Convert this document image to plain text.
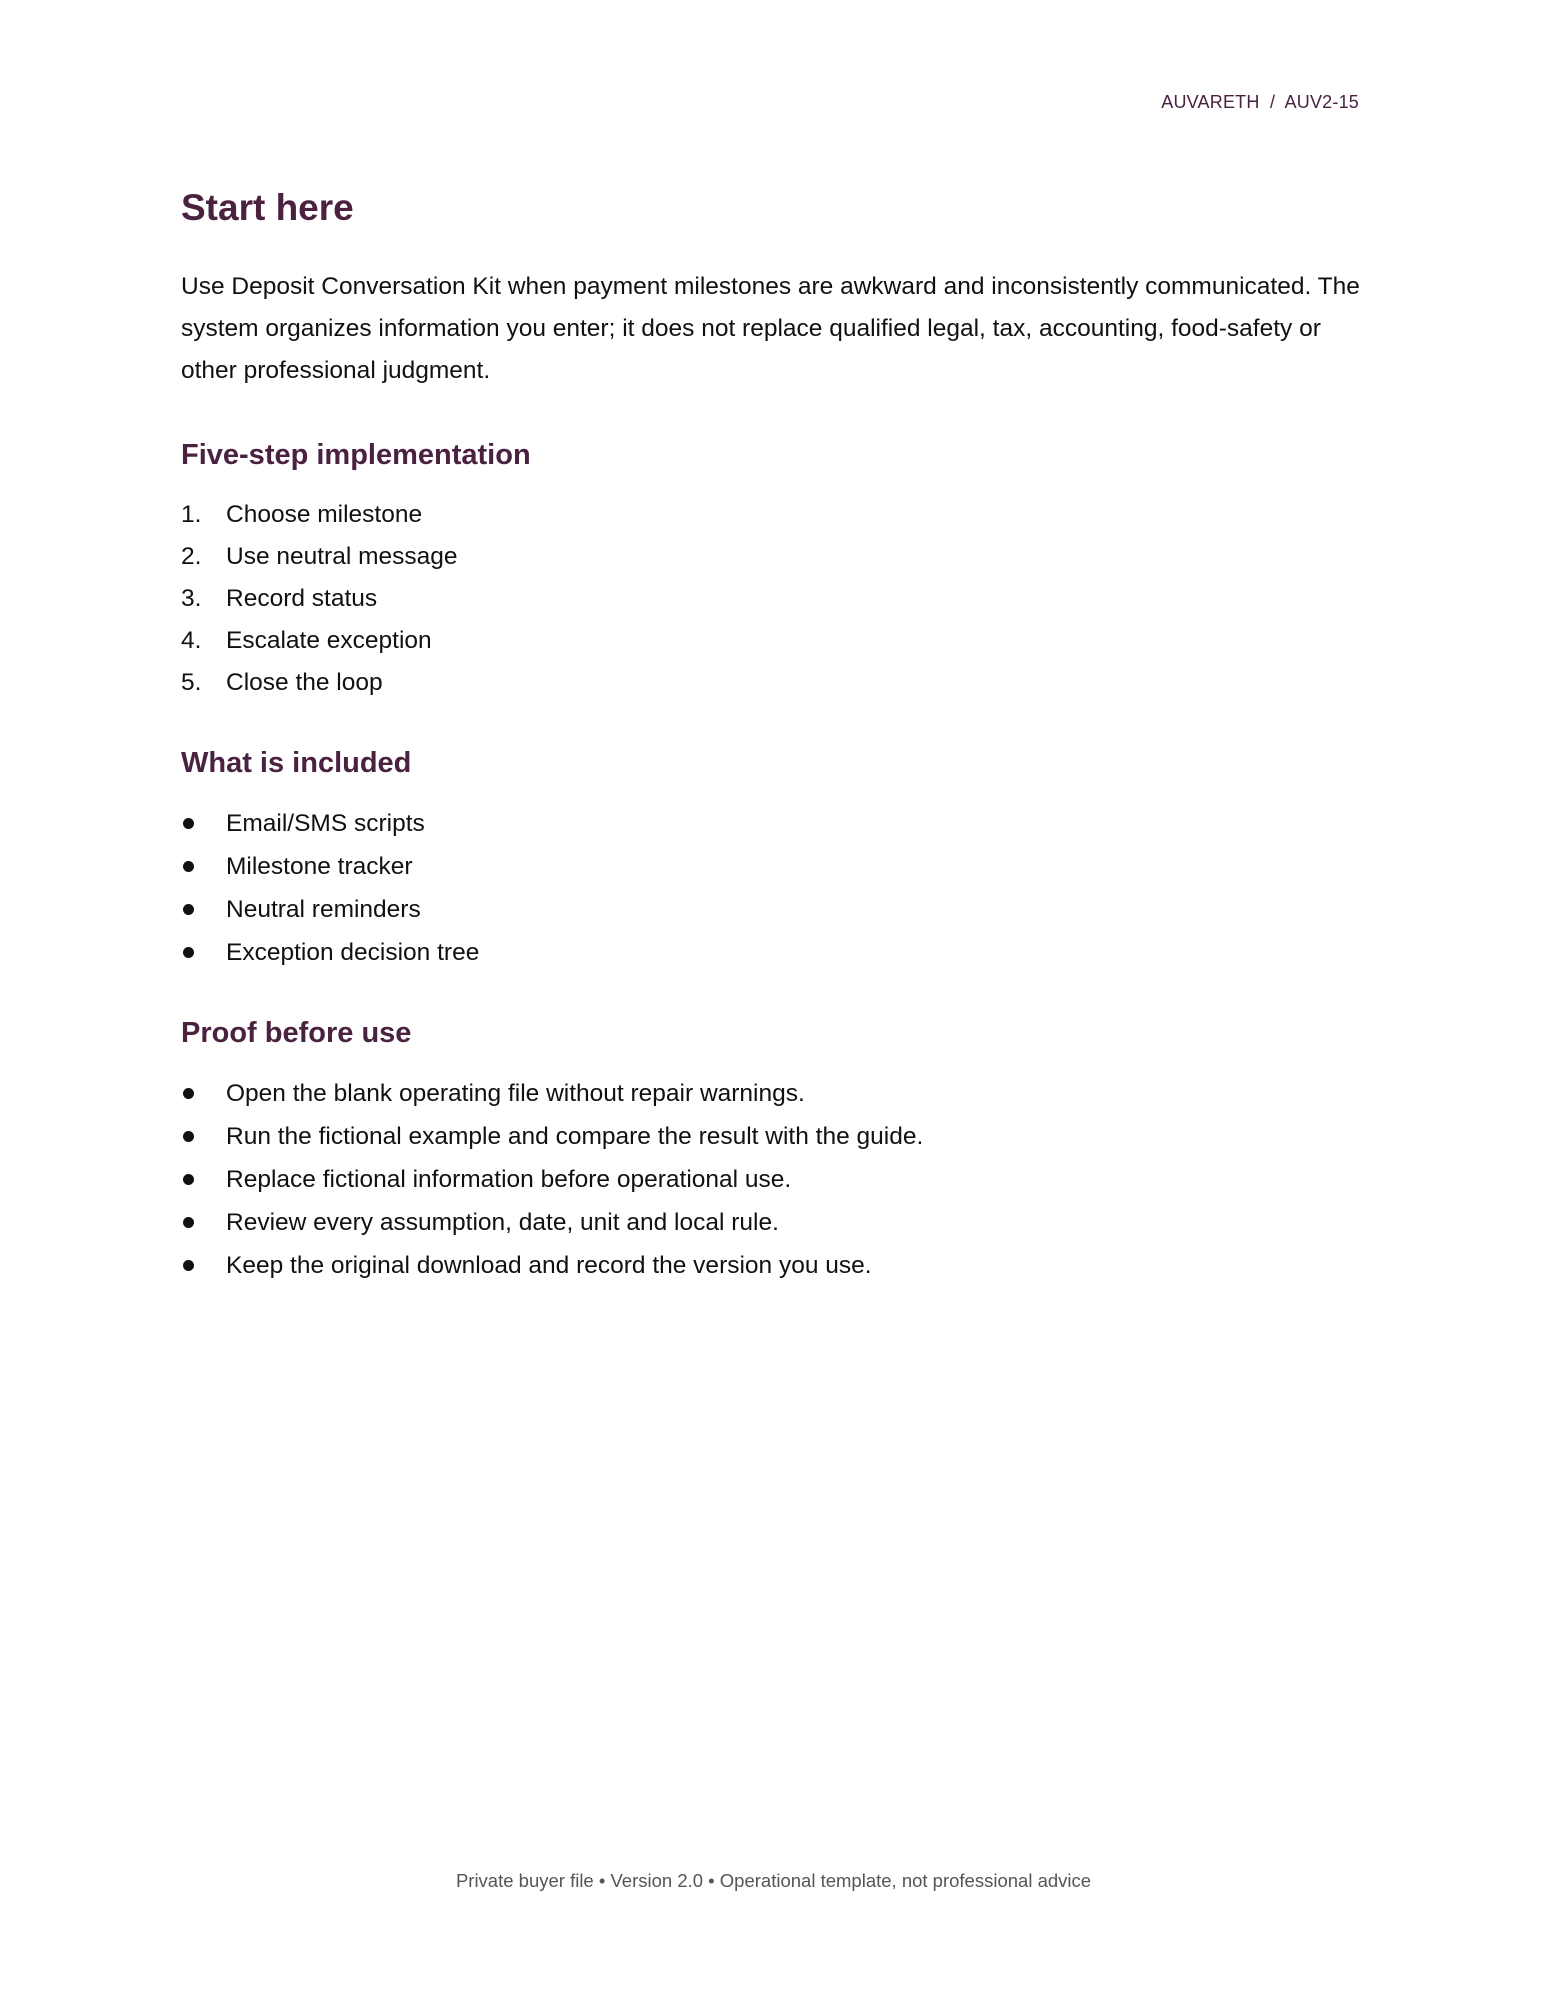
AUVARETH  /  AUV2-15
Start here

Use Deposit Conversation Kit when payment milestones are awkward and inconsistently communicated. The system organizes information you enter; it does not replace qualified legal, tax, accounting, food-safety or other professional judgment.

Five-step implementation
1. Choose milestone
2. Use neutral message
3. Record status
4. Escalate exception
5. Close the loop
What is included
Email/SMS scripts
Milestone tracker
Neutral reminders
Exception decision tree
Proof before use
Open the blank operating file without repair warnings.
Run the fictional example and compare the result with the guide.
Replace fictional information before operational use.
Review every assumption, date, unit and local rule.
Keep the original download and record the version you use.
Private buyer file • Version 2.0 • Operational template, not professional advice
